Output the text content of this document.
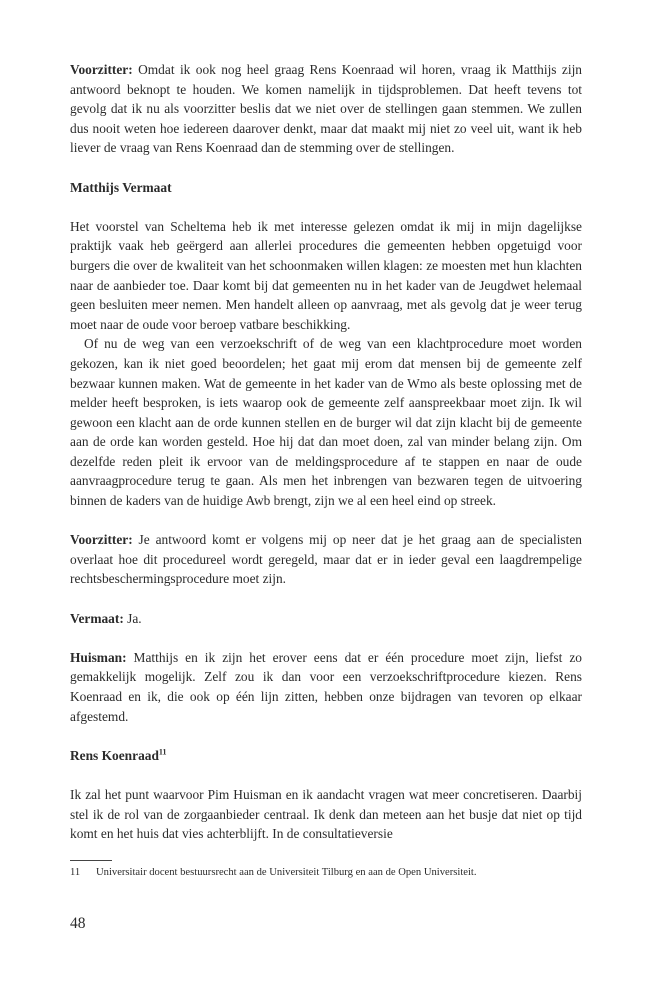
Voorzitter: Omdat ik ook nog heel graag Rens Koenraad wil horen, vraag ik Matthijs zijn antwoord beknopt te houden. We komen namelijk in tijdsproblemen. Dat heeft tevens tot gevolg dat ik nu als voorzitter beslis dat we niet over de stellingen gaan stemmen. We zullen dus nooit weten hoe iedereen daarover denkt, maar dat maakt mij niet zo veel uit, want ik heb liever de vraag van Rens Koenraad dan de stemming over de stellingen.

Matthijs Vermaat

Het voorstel van Scheltema heb ik met interesse gelezen omdat ik mij in mijn dagelijkse praktijk vaak heb geërgerd aan allerlei procedures die gemeenten hebben opgetuigd voor burgers die over de kwaliteit van het schoonmaken willen klagen: ze moesten met hun klachten naar de aanbieder toe. Daar komt bij dat gemeenten nu in het kader van de Jeugdwet helemaal geen besluiten meer nemen. Men handelt alleen op aanvraag, met als gevolg dat je weer terug moet naar de oude voor beroep vatbare beschikking.

Of nu de weg van een verzoekschrift of de weg van een klachtprocedure moet worden gekozen, kan ik niet goed beoordelen; het gaat mij erom dat mensen bij de gemeente zelf bezwaar kunnen maken. Wat de gemeente in het kader van de Wmo als beste oplossing met de melder heeft besproken, is iets waarop ook de gemeente zelf aanspreekbaar moet zijn. Ik wil gewoon een klacht aan de orde kunnen stellen en de burger wil dat zijn klacht bij de gemeente aan de orde kan worden gesteld. Hoe hij dat dan moet doen, zal van minder belang zijn. Om dezelfde reden pleit ik ervoor van de meldingsprocedure af te stappen en naar de oude aanvraagprocedure terug te gaan. Als men het inbrengen van bezwaren tegen de uitvoering binnen de kaders van de huidige Awb brengt, zijn we al een heel eind op streek.

Voorzitter: Je antwoord komt er volgens mij op neer dat je het graag aan de specialisten overlaat hoe dit procedureel wordt geregeld, maar dat er in ieder geval een laagdrempelige rechtsbeschermingsprocedure moet zijn.

Vermaat: Ja.

Huisman: Matthijs en ik zijn het erover eens dat er één procedure moet zijn, liefst zo gemakkelijk mogelijk. Zelf zou ik dan voor een verzoekschriftprocedure kiezen. Rens Koenraad en ik, die ook op één lijn zitten, hebben onze bijdragen van tevoren op elkaar afgestemd.

Rens Koenraad$^{11}$

Ik zal het punt waarvoor Pim Huisman en ik aandacht vragen wat meer concretiseren. Daarbij stel ik de rol van de zorgaanbieder centraal. Ik denk dan meteen aan het busje dat niet op tijd komt en het huis dat vies achterblijft. In de consultatieversie

11 Universitair docent bestuursrecht aan de Universiteit Tilburg en aan de Open Universiteit.
48
